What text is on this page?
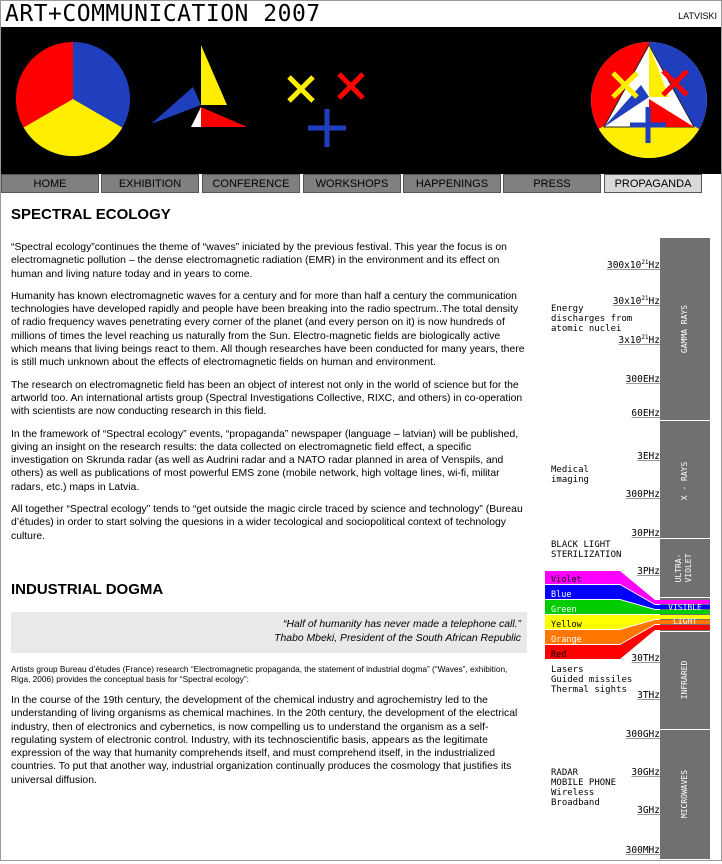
ART+COMMUNICATION 2007	LATVISKI
HOME	EXHIBITION	CONFERENCE	WORKSHOPS	HAPPENINGS	PRESS	PROPAGANDA
SPECTRAL ECOLOGY

“Spectral ecology”continues the theme of “waves” iniciated by the previous festival. This year the focus is on electromagnetic pollution – the dense electromagnetic radiation (EMR) in the environment and its effect on human and living nature today and in years to come.

Humanity has known electromagnetic waves for a century and for more than half a century the communication technologies have developed rapidly and people have been breaking into the radio spectrum..The total density of radio frequency waves penetrating every corner of the planet (and every person on it) is now hundreds of millions of times the level reaching us naturally from the Sun. Electro-magnetic fields are biologically active which means that living beings react to them. All though researches have been conducted for many years, there is still much unknown about the effects of electromagnetic fields on human and environment.

The research on electromagnetic field has been an object of interest not only in the world of science but for the artworld too. An international artists group (Spectral Investigations Collective, RIXC, and others) in co-operation with scientists are now conducting research in this field.

In the framework of “Spectral ecology” events, “propaganda” newspaper (language – latvian) will be published, giving an insight on the research results: the data collected on electromagnetic field effect, a specific investigation on Skrunda radar (as well as Audrini radar and a NATO radar planned in area of Venspils, and others) as well as publications of most powerful EMS zone (mobile network, high voltage lines, wi-fi, militar radars, etc.) maps in Latvia.

All together “Spectral ecology” tends to “get outside the magic circle traced by science and technology” (Bureau d’études) in order to start solving the quesions in a wider tecological and sociopolitical context of technology culture.

INDUSTRIAL DOGMA
“Half of humanity has never made a telephone call.”
Thabo Mbeki, President of the South African Republic

Artists group Bureau d’études (France) research “Electromagnetic propaganda, the statement of industrial dogma” (“Waves”, exhibition, Riga, 2006) provides the conceptual basis for “Spectral ecology”:

In the course of the 19th century, the development of the chemical industry and agrochemistry led to the understanding of living organisms as chemical machines. In the 20th century, the development of the electrical industry, then of electronics and cybernetics, is now compelling us to understand the organism as a self-regulating system of electronic control. Industry, with its technoscientific basis, appears as the legitimate expression of the way that humanity comprehends itself, and must comprehend itself, in the industrialized countries. To put that another way, industrial organization continually produces the cosmology that justifies its universal diffusion.

GAMMA RAYS
X - RAYS
ULTRA- VIOLET
INFRARED
MICROWAVES
VISIBLE
LIGHT
Violet
Blue
Green
Yellow
Orange
Red
$300x10^{21}Hz$
$30x10^{21}Hz$
$3x10^{21}Hz$
300EHz
60EHz
3EHz
300PHz
30PHz
3PHz
30THz
3THz
300GHz
30GHz
3GHz
300MHz
Energy
discharges from
atomic nuclei
Medical
imaging
BLACK LIGHT
STERILIZATION
Lasers
Guided missiles
Thermal sights
RADAR
MOBILE PHONE
Wireless
Broadband
